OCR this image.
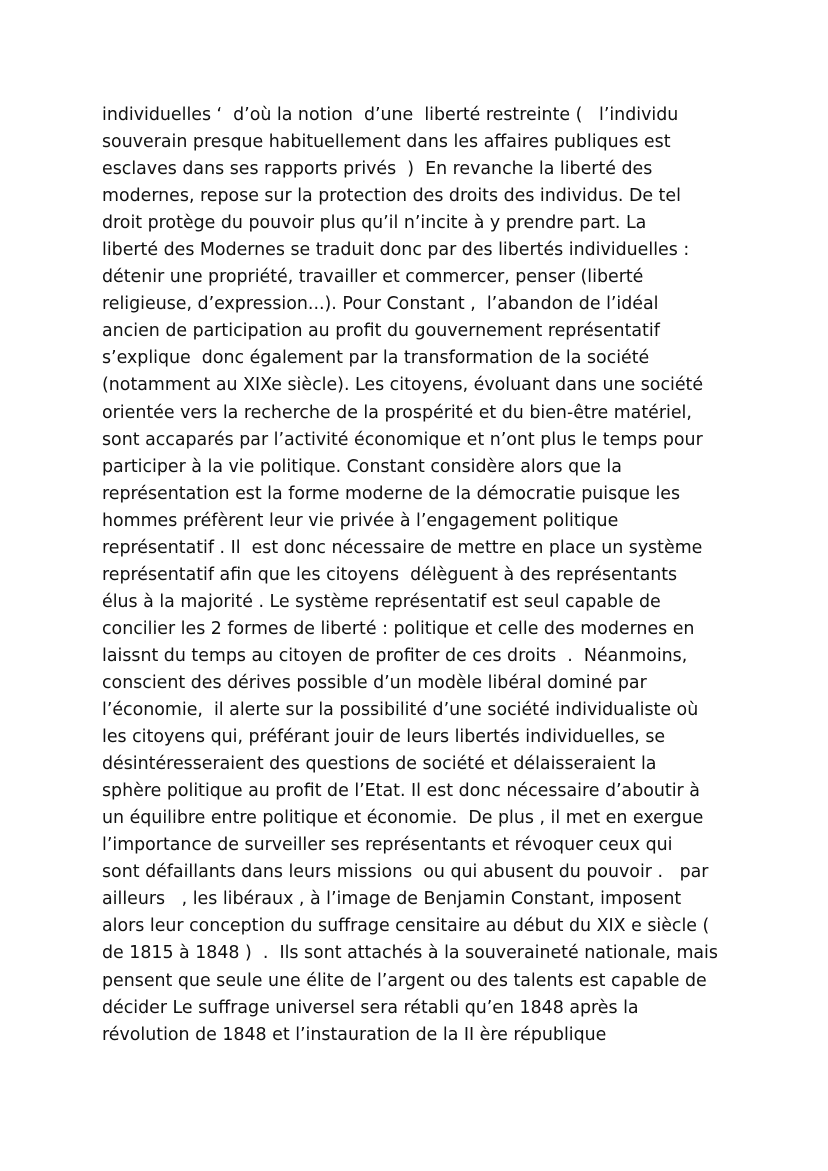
individuelles ‘  d’où la notion  d’une  liberté restreinte (   l’individu
souverain presque habituellement dans les affaires publiques est
esclaves dans ses rapports privés  )  En revanche la liberté des
modernes, repose sur la protection des droits des individus. De tel
droit protège du pouvoir plus qu’il n’incite à y prendre part. La
liberté des Modernes se traduit donc par des libertés individuelles :
détenir une propriété, travailler et commercer, penser (liberté
religieuse, d’expression...). Pour Constant ,  l’abandon de l’idéal
ancien de participation au profit du gouvernement représentatif
s’explique  donc également par la transformation de la société
(notamment au XIXe siècle). Les citoyens, évoluant dans une société
orientée vers la recherche de la prospérité et du bien-être matériel,
sont accaparés par l’activité économique et n’ont plus le temps pour
participer à la vie politique. Constant considère alors que la
représentation est la forme moderne de la démocratie puisque les
hommes préfèrent leur vie privée à l’engagement politique
représentatif . Il  est donc nécessaire de mettre en place un système
représentatif afin que les citoyens  délèguent à des représentants
élus à la majorité . Le système représentatif est seul capable de
concilier les 2 formes de liberté : politique et celle des modernes en
laissnt du temps au citoyen de profiter de ces droits  .  Néanmoins,
conscient des dérives possible d’un modèle libéral dominé par
l’économie,  il alerte sur la possibilité d’une société individualiste où
les citoyens qui, préférant jouir de leurs libertés individuelles, se
désintéresseraient des questions de société et délaisseraient la
sphère politique au profit de l’Etat. Il est donc nécessaire d’aboutir à
un équilibre entre politique et économie.  De plus , il met en exergue
l’importance de surveiller ses représentants et révoquer ceux qui
sont défaillants dans leurs missions  ou qui abusent du pouvoir .   par
ailleurs   , les libéraux , à l’image de Benjamin Constant, imposent
alors leur conception du suffrage censitaire au début du XIX e siècle (
de 1815 à 1848 )  .  Ils sont attachés à la souveraineté nationale, mais
pensent que seule une élite de l’argent ou des talents est capable de
décider Le suffrage universel sera rétabli qu’en 1848 après la
révolution de 1848 et l’instauration de la II ère république
